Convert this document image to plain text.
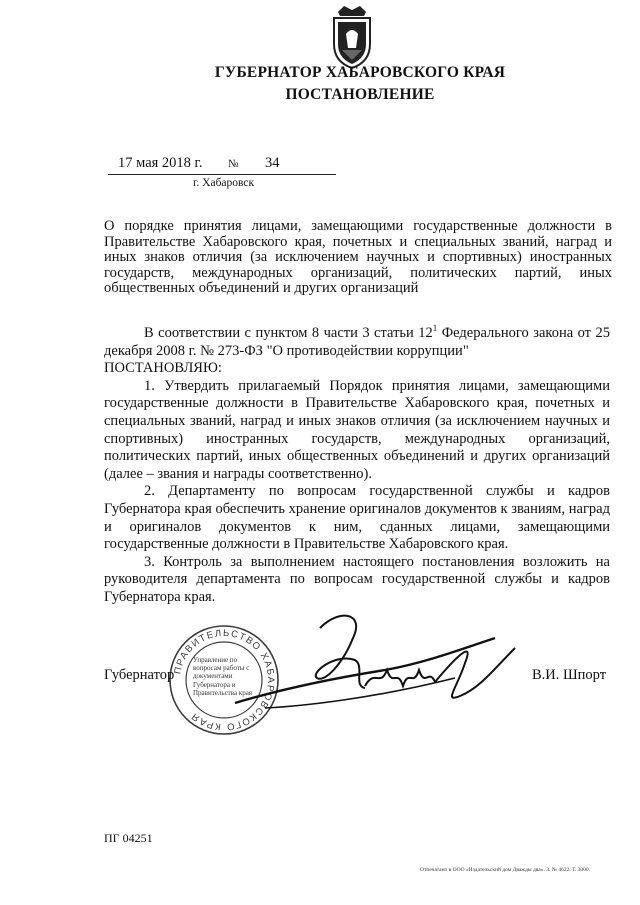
ГУБЕРНАТОР ХАБАРОВСКОГО КРАЯ
ПОСТАНОВЛЕНИЕ
17 мая 2018 г. № 34
г. Хабаровск
О порядке принятия лицами, замещающими государственные должности в Правительстве Хабаровского края, почетных и специальных званий, наград и иных знаков отличия (за исключением научных и спортивных) иностранных государств, международных организаций, политических партий, иных общественных объединений и других организаций

В соответствии с пунктом 8 части 3 статьи $12^1$ Федерального закона от 25 декабря 2008 г. № 273-ФЗ "О противодействии коррупции"

ПОСТАНОВЛЯЮ:

1. Утвердить прилагаемый Порядок принятия лицами, замещающими государственные должности в Правительстве Хабаровского края, почетных и специальных званий, наград и иных знаков отличия (за исключением научных и спортивных) иностранных государств, международных организаций, политических партий, иных общественных объединений и других организаций (далее – звания и награды соответственно).

2. Департаменту по вопросам государственной службы и кадров Губернатора края обеспечить хранение оригиналов документов к званиям, наград и оригиналов документов к ним, сданных лицами, замещающими государственные должности в Правительстве Хабаровского края.

3. Контроль за выполнением настоящего постановления возложить на руководителя департамента по вопросам государственной службы и кадров Губернатора края.

ПРАВИТЕЛЬСТВО ХАБАРОВСКОГО КРАЯ
Управление по вопросам работы с документами Губернатора и Правительства края
Губернатор	В.И. Шпорт
ПГ 04251
Отпечатано в ООО «Издательский дом Дважды два». З. № 4622. Т. 3000.
